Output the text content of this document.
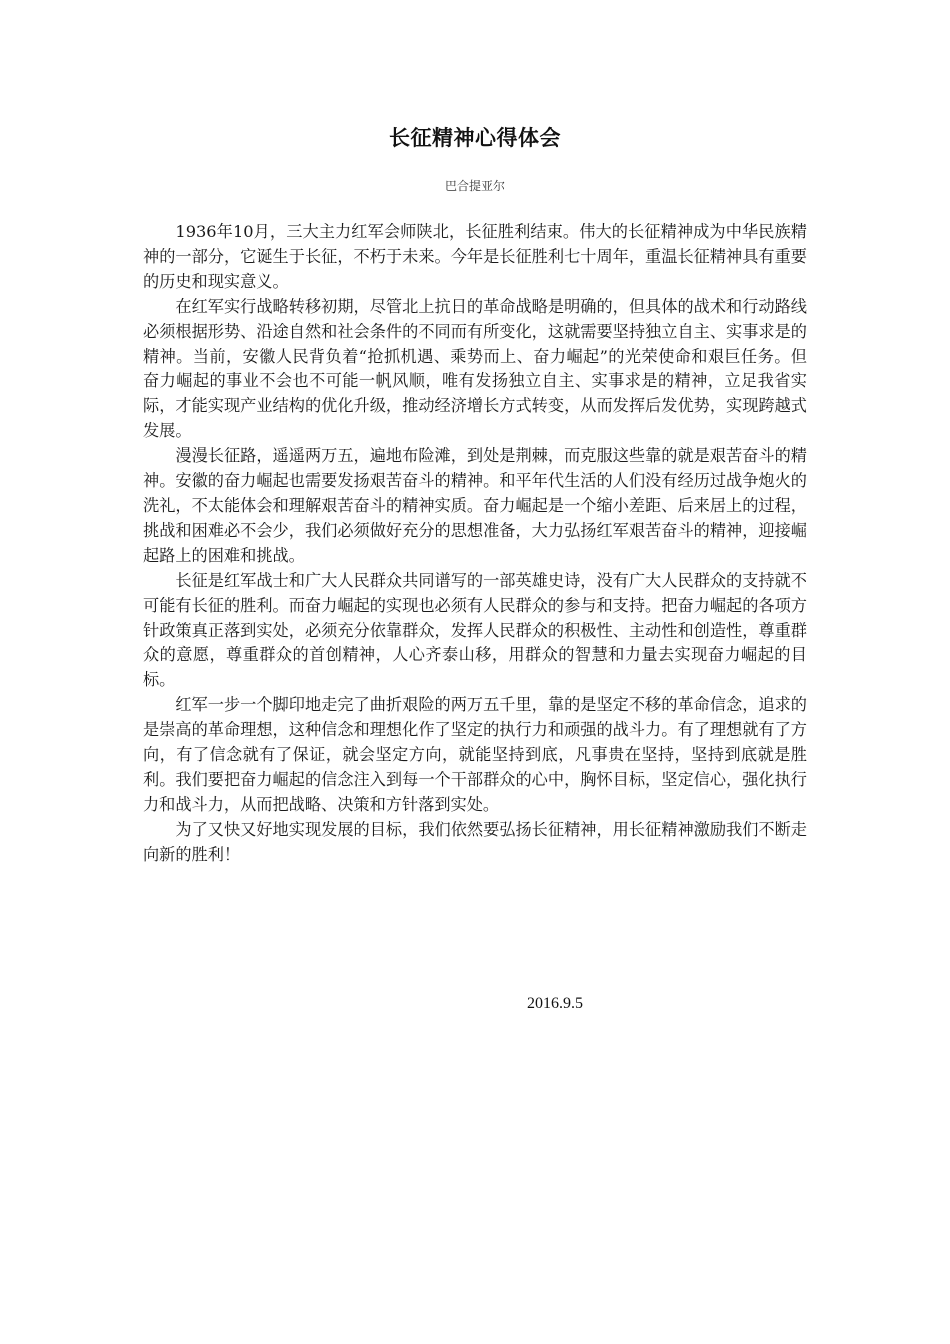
长征精神心得体会
巴合提亚尔

1936年10月，三大主力红军会师陕北，长征胜利结束。伟大的长征精神成为中华民族精神的一部分，它诞生于长征，不朽于未来。今年是长征胜利七十周年，重温长征精神具有重要的历史和现实意义。

在红军实行战略转移初期，尽管北上抗日的革命战略是明确的，但具体的战术和行动路线必须根据形势、沿途自然和社会条件的不同而有所变化，这就需要坚持独立自主、实事求是的精神。当前，安徽人民背负着“抢抓机遇、乘势而上、奋力崛起”的光荣使命和艰巨任务。但奋力崛起的事业不会也不可能一帆风顺，唯有发扬独立自主、实事求是的精神，立足我省实际，才能实现产业结构的优化升级，推动经济增长方式转变，从而发挥后发优势，实现跨越式发展。

漫漫长征路，遥遥两万五，遍地布险滩，到处是荆棘，而克服这些靠的就是艰苦奋斗的精神。安徽的奋力崛起也需要发扬艰苦奋斗的精神。和平年代生活的人们没有经历过战争炮火的洗礼，不太能体会和理解艰苦奋斗的精神实质。奋力崛起是一个缩小差距、后来居上的过程，挑战和困难必不会少，我们必须做好充分的思想准备，大力弘扬红军艰苦奋斗的精神，迎接崛起路上的困难和挑战。

长征是红军战士和广大人民群众共同谱写的一部英雄史诗，没有广大人民群众的支持就不可能有长征的胜利。而奋力崛起的实现也必须有人民群众的参与和支持。把奋力崛起的各项方针政策真正落到实处，必须充分依靠群众，发挥人民群众的积极性、主动性和创造性，尊重群众的意愿，尊重群众的首创精神，人心齐泰山移，用群众的智慧和力量去实现奋力崛起的目标。

红军一步一个脚印地走完了曲折艰险的两万五千里，靠的是坚定不移的革命信念，追求的是崇高的革命理想，这种信念和理想化作了坚定的执行力和顽强的战斗力。有了理想就有了方向，有了信念就有了保证，就会坚定方向，就能坚持到底，凡事贵在坚持，坚持到底就是胜利。我们要把奋力崛起的信念注入到每一个干部群众的心中，胸怀目标，坚定信心，强化执行力和战斗力，从而把战略、决策和方针落到实处。

为了又快又好地实现发展的目标，我们依然要弘扬长征精神，用长征精神激励我们不断走向新的胜利！

2016.9.5
